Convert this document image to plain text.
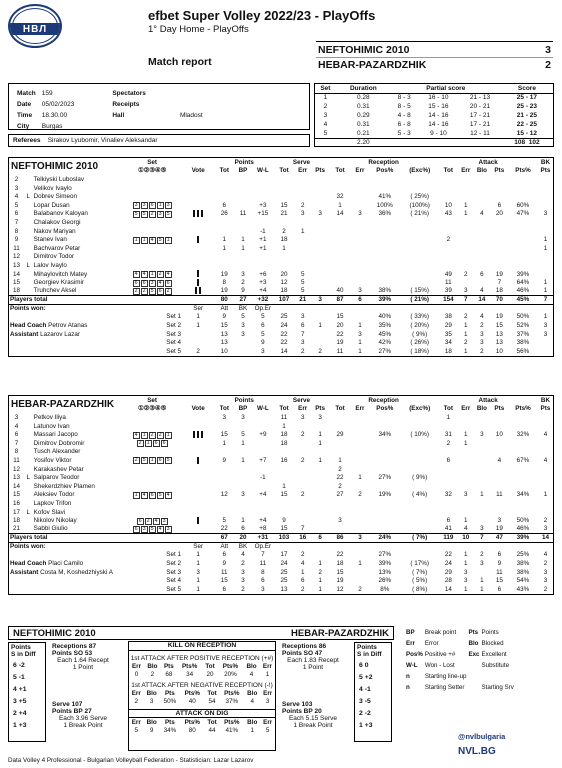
НВЛ
efbet Super Volley 2022/23 - PlayOffs
1° Day Home - PlayOffs
Match report
NEFTOHIMIC 2010	3
HEBAR-PAZARDZHIK	2
Match	159		Spectators	
Date	05/02/2023		Receipts	
Time	18.30.00		Hall	Mladost
City	Burgas			
Referees Sirakov Lyubomir, Vinaliev Aleksandar
Set	Duration	Partial score			Score
1	0.28	8 - 3	16 - 10	21 - 13	25 - 17
2	0.31	8 - 5	15 - 16	20 - 21	25 - 23
3	0.29	4 - 8	14 - 16	17 - 21	21 - 25
4	0.31	6 - 8	14 - 16	17 - 21	22 - 25
5	0.21	5 - 3	9 - 10	12 - 11	15 - 12
	2.20				108 102
NEFTOHIMIC 2010			Set		Points			Serve			Reception				Attack					BK
			①②③④⑤	Vote	Tot	BP	W-L	Tot	Err	Pts	Tot	Err	Pos%	(Exc%)	Tot	Err	Blo	Pts	Pts%	Pts
2		Telkiyski Luboslav																		
3		Velikov Ivaylo																		
4	L	Dobrev Simeon									32		41%	( 25%)						
5		Lopar Dusan	3 3 6 1 3		6		+3	15	2		1		100%	(100%)	10	1		6	60%	
6		Balabanov Kaloyan	5 5 2 3 5		26	11	+15	21	3	3	14	3	36%	( 21%)	43	1	4	20	47%	3
7		Chalakov Georgi																		
8		Nakov Mariyan					-1	2	1											
9		Stanev Ivan	1 1 4 5 1		1	1	+1	18							2					1
11		Bachvarov Petar			1	1	+1	1												1
12		Dimitrov Todor																		
13	L	Lalov Ivaylo																		
14		Mihaylovitch Matey	4 4 1 2 4		19	3	+6	20	5						49	2	6	19	39%	
15		Georgiev Krasimir	6 6 3 4 6		8	2	+3	12	5						11			7	64%	1
18		Truhchev Aksel	2 2 5 6 2		19	9	+4	18	5		40	3	38%	( 15%)	39	3	4	18	46%	1
Players total					80	27	+32	107	21	3	87	6	39%	( 21%)	154	7	14	70	45%	7
Points won:				Ser	Att	BK	Op.Er													
			Set 1	1	9	5	5	25	3		15		40%	( 33%)	38	2	4	19	50%	1
Head Coach Petrov Atanas			Set 2	1	15	3	6	24	6	1	20	1	35%	( 20%)	29	1	2	15	52%	3
Assistant Lazarov Lazar			Set 3		13	3	5	22	7		22	3	45%	( 9%)	35	1	3	13	37%	3
			Set 4		13		9	22	3		19	1	42%	( 26%)	34	2	3	13	38%	
			Set 5	2	10		3	14	2	2	11	1	27%	( 18%)	18	1	2	10	56%	
HEBAR-PAZARDZHIK			Set		Points			Serve			Reception				Attack					BK
			①②③④⑤	Vote	Tot	BP	W-L	Tot	Err	Pts	Tot	Err	Pos%	(Exc%)	Tot	Err	Blo	Pts	Pts%	Pts
3		Petkov Iliya			3	3		11	3	3					1					
4		Latunov Ivan						1												
6		Massari Jacopo	4 1 2 2 1		15	5	+9	18	2	1	29		34%	( 10%)	31	1	3	10	32%	4
7		Dimitrov Dobromir	2 1 6 6		1	1		18		1					2	1				
8		Tusch Alexander																		
11		Yosifov Viktor	2 5 1 6 5		9	1	+7	16	2	1	1				6			4	67%	4
12		Karakashev Petar									2									
13	L	Salparov Teodor					-1				22	1	27%	( 9%)						
14		Shekerdzhiev Plamen						1			2									
15		Aleksiev Todor	1 4 6 5 4		12	3	+4	15	2		27	2	19%	( 4%)	32	3	1	11	34%	1
16		Lapkov Trifon																		
17	L	Kofov Slavi																		
18		Nikolov Nikolay	6 2 4 3		5	1	+4	9			3				6	1		3	50%	2
21		Sabbi Giulio	6 3 5 4 3		22	6	+8	15	7						41	4	3	19	46%	3
Players total					67	20	+31	103	16	6	86	3	24%	( 7%)	119	10	7	47	39%	14
Points won:				Ser	Att	BK	Op.Er													
			Set 1	1	6	4	7	17	2		22		27%		22	1	2	6	25%	4
Head Coach Placi Camilo			Set 2	1	9	2	11	24	4	1	18	1	39%	( 17%)	24	1	3	9	38%	2
Assistant Costa M, Koshedzhiyski A			Set 3	3	11	3	8	25	1	2	15		13%	( 7%)	29	3		11	38%	3
			Set 4	1	15	3	6	25	6	1	19		26%	( 5%)	28	3	1	15	54%	3
			Set 5	1	6	2	3	13	2	1	12	2	8%	( 8%)	14	1	1	6	43%	2
NEFTOHIMIC 2010	HEBAR-PAZARDZHIK
Points
S in Diff
6	-2
5	-1
4	+1
3	+5
2	+4
1	+3
Receptions 87
Points SO 53
Each 1.64 Recept
1 Point
Serve 107
Points BP 27
Each 3.96 Serve
1 Break Point
KILL ON RECEPTION
1st ATTACK AFTER POSITIVE RECEPTION (+#)
Err	Blo	Pts	Pts%	Tot	Pts%	Blo	Err
0	2	68	34	20	20%	4	1
1st ATTACK AFTER NEGATIVE RECEPTION (-!)
Err	Blo	Pts	Pts%	Tot	Pts%	Blo	Err
2	3	50%	40	54	37%	4	3
ATTACK ON DIG
Err	Blo	Pts	Pts%	Tot	Pts%	Blo	Err
5	9	34%	80	44	41%	1	5
Receptions 86
Points SO 47
Each 1.83 Recept
1 Point
Serve 103
Points BP 20
Each 5.15 Serve
1 Break Point
Points
S in Diff
6	0
5	+2
4	-1
3	-5
2	-2
1	+3
BP	Break point	Pts	Points
Err	Error	Blo	Blocked
Pos%	Positive +#	Exc	Excellent
W-L	Won - Lost		Substitute
n	Starting line-up		
n	Starting Setter		Starting Srv
@nvlbulgaria
NVL.BG
Data Volley 4 Professional - Bulgarian Volleyball Federation - Statistician: Lazar Lazarov
